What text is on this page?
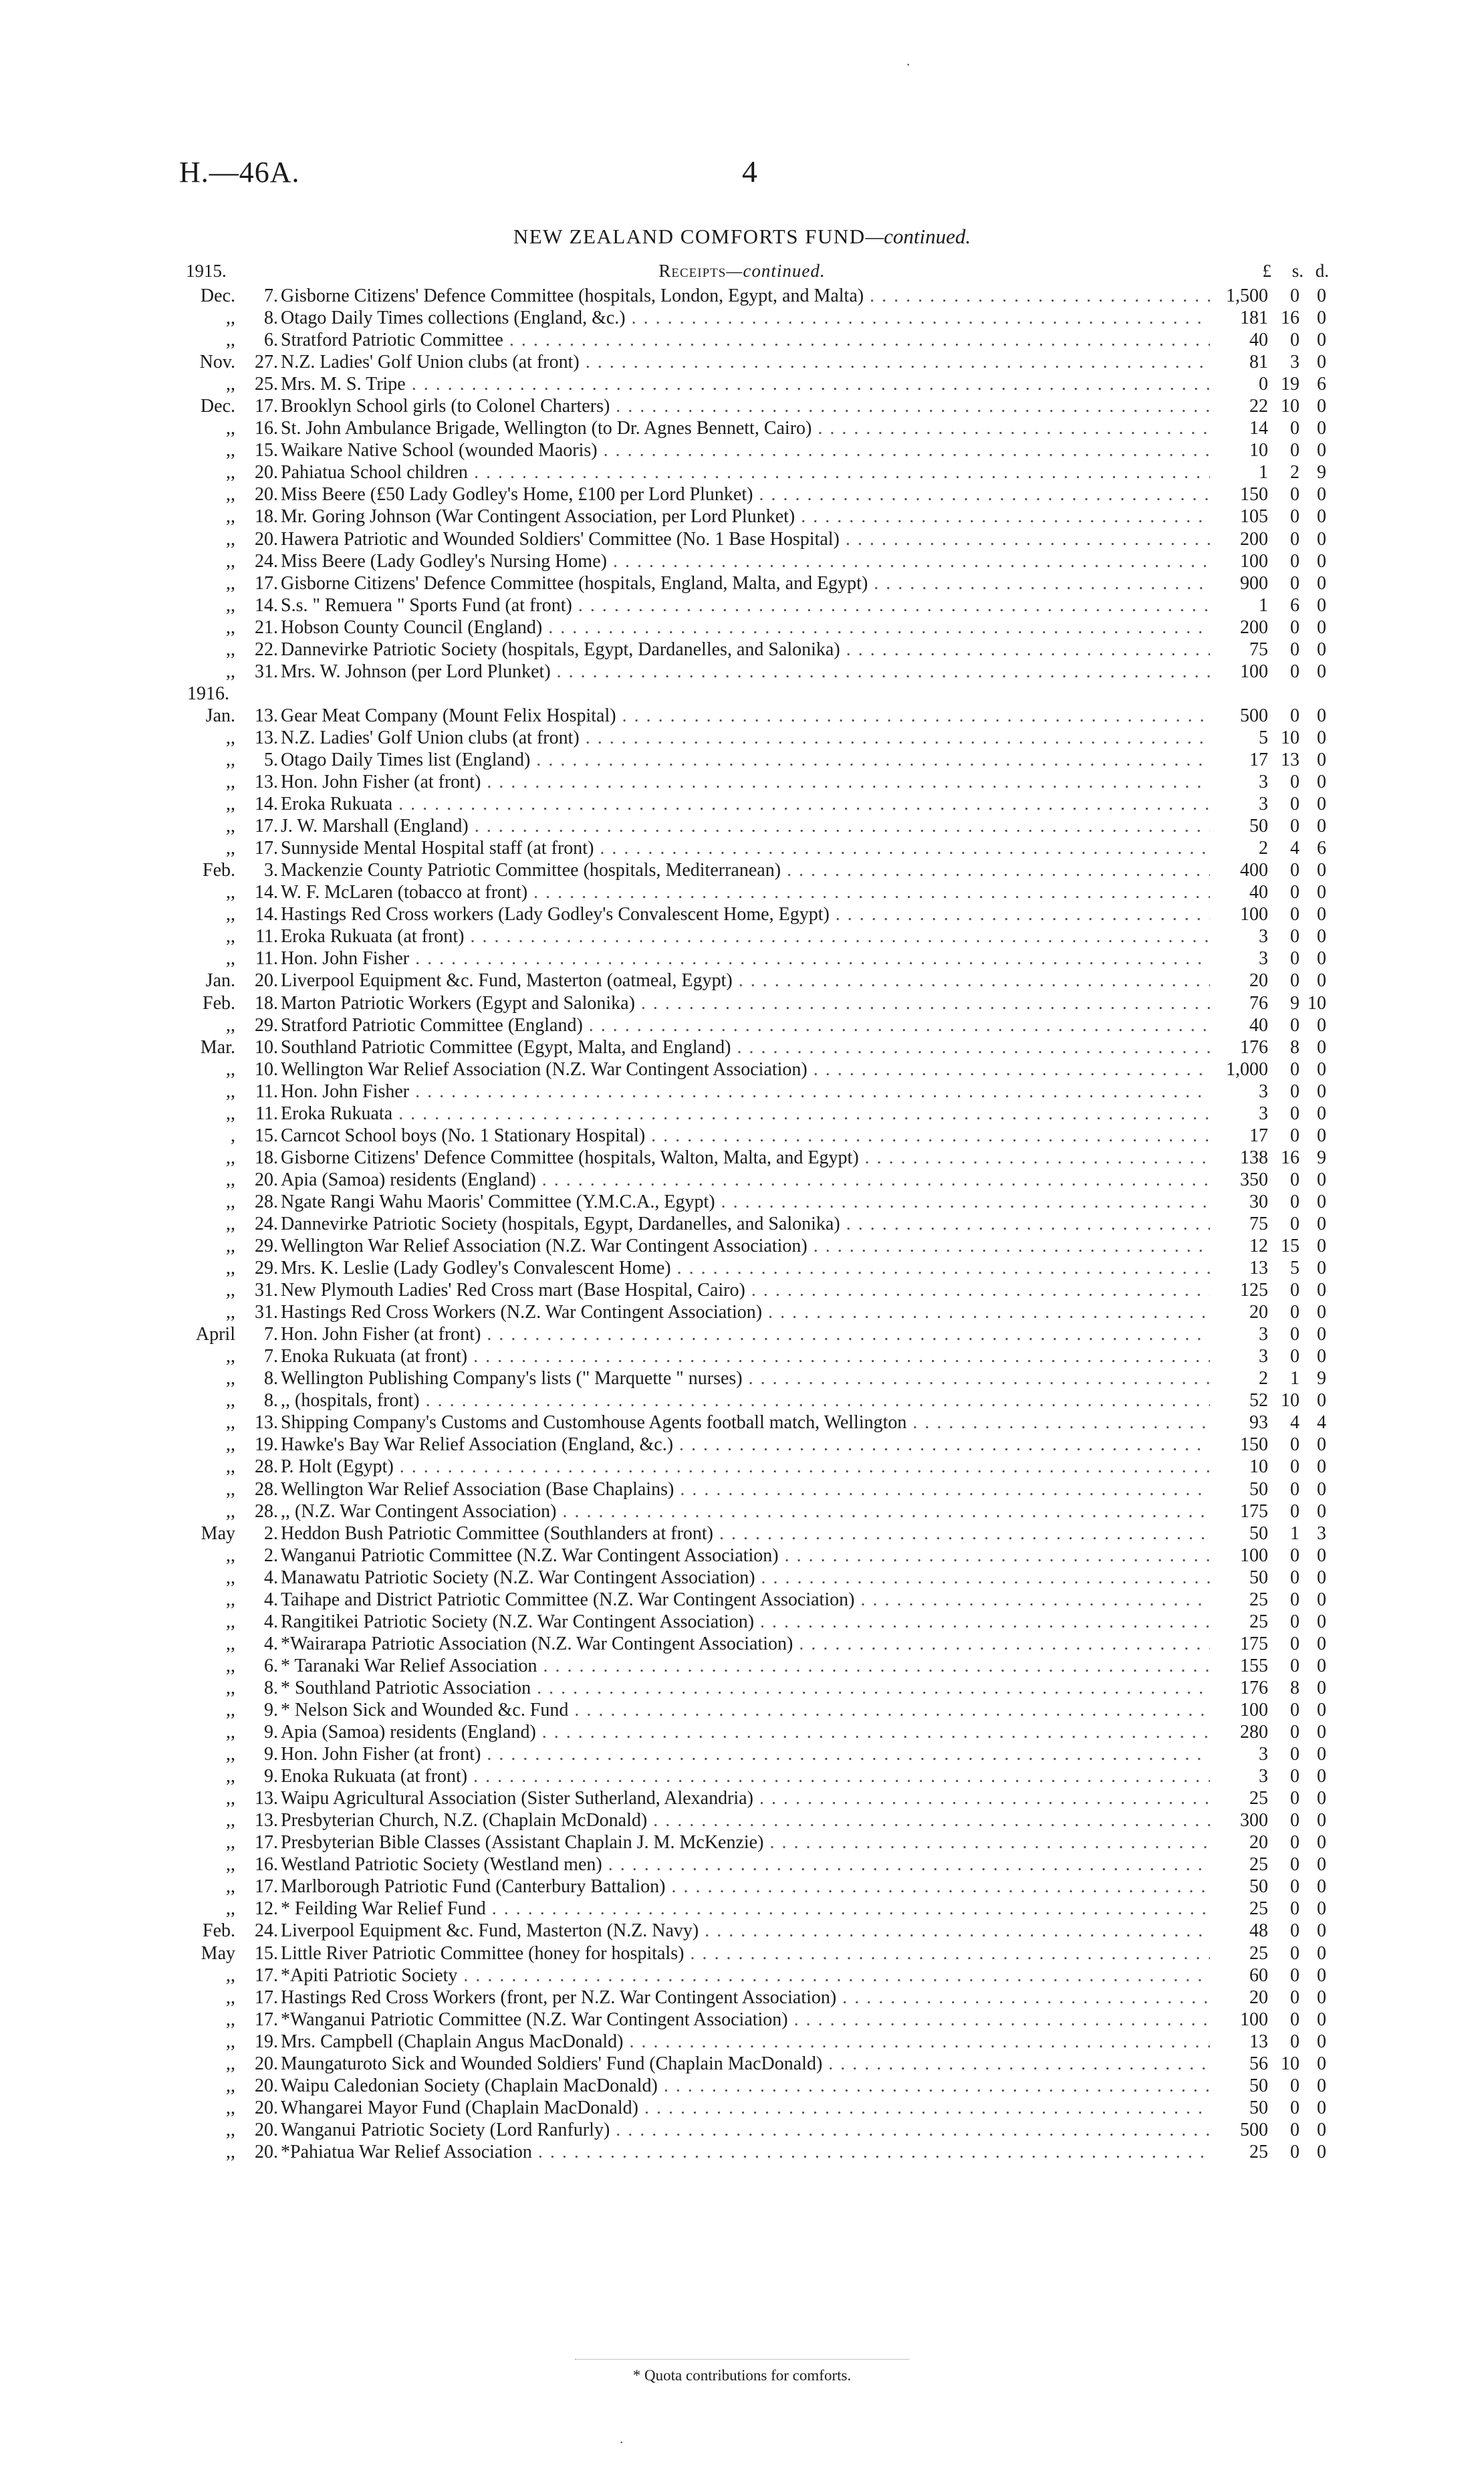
H.—46A.	4
NEW ZEALAND COMFORTS FUND—continued.
1915.	Receipts—continued.	£	s. d.
Dec.	7. Gisborne Citizens' Defence Committee (hospitals, London, Egypt, and Malta) . .	1,500	0 0
,,	8. Otago Daily Times collections (England, &c.) . .	181 16 0
,,	6. Stratford Patriotic Committee . .	40	0 0
Nov.	27. N.Z. Ladies' Golf Union clubs (at front) . .	81	3 0
,,	25. Mrs. M. S. Tripe . .	0 19 6
Dec.	17. Brooklyn School girls (to Colonel Charters) . .	22 10 0
,,	16. St. John Ambulance Brigade, Wellington (to Dr. Agnes Bennett, Cairo) . .	14	0 0
,,	15. Waikare Native School (wounded Maoris) . .	10	0 0
,,	20. Pahiatua School children . .	1	2 9
,,	20. Miss Beere (£50 Lady Godley's Home, £100 per Lord Plunket) . .	150	0 0
,,	18. Mr. Goring Johnson (War Contingent Association, per Lord Plunket) . .	105	0 0
,,	20. Hawera Patriotic and Wounded Soldiers' Committee (No. 1 Base Hospital) . .	200	0 0
,,	24. Miss Beere (Lady Godley's Nursing Home) . .	100	0 0
,,	17. Gisborne Citizens' Defence Committee (hospitals, England, Malta, and Egypt) . .	900	0 0
,,	14. S.s. " Remuera " Sports Fund (at front) . .	1	6 0
,,	21. Hobson County Council (England) . .	200	0 0
,,	22. Dannevirke Patriotic Society (hospitals, Egypt, Dardanelles, and Salonika) . .	75	0 0
,,	31. Mrs. W. Johnson (per Lord Plunket) . .	100	0 0
1916.
Jan.	13. Gear Meat Company (Mount Felix Hospital) . .	500	0 0
,,	13. N.Z. Ladies' Golf Union clubs (at front) . .	5 10 0
,,	5. Otago Daily Times list (England) . .	17 13 0
,,	13. Hon. John Fisher (at front) . .	3	0 0
,,	14. Eroka Rukuata . .	3	0 0
,,	17. J. W. Marshall (England) . .	50	0 0
,,	17. Sunnyside Mental Hospital staff (at front) . .	2	4 6
Feb.	3. Mackenzie County Patriotic Committee (hospitals, Mediterranean) . .	400	0 0
,,	14. W. F. McLaren (tobacco at front) . .	40	0 0
,,	14. Hastings Red Cross workers (Lady Godley's Convalescent Home, Egypt) . .	100	0 0
,,	11. Eroka Rukuata (at front) . .	3	0 0
,,	11. Hon. John Fisher . .	3	0 0
Jan.	20. Liverpool Equipment &c. Fund, Masterton (oatmeal, Egypt) . .	20	0 0
Feb.	18. Marton Patriotic Workers (Egypt and Salonika) . .	76	9 10
,,	29. Stratford Patriotic Committee (England) . .	40	0 0
Mar.	10. Southland Patriotic Committee (Egypt, Malta, and England) . .	176	8 0
,,	10. Wellington War Relief Association (N.Z. War Contingent Association) . .	1,000	0 0
,,	11. Hon. John Fisher . .	3	0 0
,,	11. Eroka Rukuata . .	3	0 0
,	15. Carncot School boys (No. 1 Stationary Hospital) . .	17	0 0
,,	18. Gisborne Citizens' Defence Committee (hospitals, Walton, Malta, and Egypt) . .	138 16 9
,,	20. Apia (Samoa) residents (England) . .	350	0 0
,,	28. Ngate Rangi Wahu Maoris' Committee (Y.M.C.A., Egypt) . .	30	0 0
,,	24. Dannevirke Patriotic Society (hospitals, Egypt, Dardanelles, and Salonika) . .	75	0 0
,,	29. Wellington War Relief Association (N.Z. War Contingent Association) . .	12 15 0
,,	29. Mrs. K. Leslie (Lady Godley's Convalescent Home) . .	13	5 0
,,	31. New Plymouth Ladies' Red Cross mart (Base Hospital, Cairo) . .	125	0 0
,,	31. Hastings Red Cross Workers (N.Z. War Contingent Association) . .	20	0 0
April	7. Hon. John Fisher (at front) . .	3	0 0
,,	7. Enoka Rukuata (at front) . .	3	0 0
,,	8. Wellington Publishing Company's lists (" Marquette " nurses) . .	2	1 9
,,	8. ,, (hospitals, front) . .	52 10 0
,,	13. Shipping Company's Customs and Customhouse Agents football match, Wellington . .	93	4 4
,,	19. Hawke's Bay War Relief Association (England, &c.) . .	150	0 0
,,	28. P. Holt (Egypt) . .	10	0 0
,,	28. Wellington War Relief Association (Base Chaplains) . .	50	0 0
,,	28. ,, (N.Z. War Contingent Association) . .	175	0 0
May	2. Heddon Bush Patriotic Committee (Southlanders at front) . .	50	1 3
,,	2. Wanganui Patriotic Committee (N.Z. War Contingent Association) . .	100	0 0
,,	4. Manawatu Patriotic Society (N.Z. War Contingent Association) . .	50	0 0
,,	4. Taihape and District Patriotic Committee (N.Z. War Contingent Association) . .	25	0 0
,,	4. Rangitikei Patriotic Society (N.Z. War Contingent Association) . .	25	0 0
,,	4. *Wairarapa Patriotic Association (N.Z. War Contingent Association) . .	175	0 0
,,	6. * Taranaki War Relief Association . .	155	0 0
,,	8. * Southland Patriotic Association . .	176	8 0
,,	9. * Nelson Sick and Wounded &c. Fund . .	100	0 0
,,	9. Apia (Samoa) residents (England) . .	280	0 0
,,	9. Hon. John Fisher (at front) . .	3	0 0
,,	9. Enoka Rukuata (at front) . .	3	0 0
,,	13. Waipu Agricultural Association (Sister Sutherland, Alexandria) . .	25	0 0
,,	13. Presbyterian Church, N.Z. (Chaplain McDonald) . .	300	0 0
,,	17. Presbyterian Bible Classes (Assistant Chaplain J. M. McKenzie) . .	20	0 0
,,	16. Westland Patriotic Society (Westland men) . .	25	0 0
,,	17. Marlborough Patriotic Fund (Canterbury Battalion) . .	50	0 0
,,	12. * Feilding War Relief Fund . .	25	0 0
Feb.	24. Liverpool Equipment &c. Fund, Masterton (N.Z. Navy) . .	48	0 0
May	15. Little River Patriotic Committee (honey for hospitals) . .	25	0 0
,,	17. *Apiti Patriotic Society . .	60	0 0
,,	17. Hastings Red Cross Workers (front, per N.Z. War Contingent Association) . .	20	0 0
,,	17. *Wanganui Patriotic Committee (N.Z. War Contingent Association) . .	100	0 0
,,	19. Mrs. Campbell (Chaplain Angus MacDonald) . .	13	0 0
,,	20. Maungaturoto Sick and Wounded Soldiers' Fund (Chaplain MacDonald) . .	56 10 0
,,	20. Waipu Caledonian Society (Chaplain MacDonald) . .	50	0 0
,,	20. Whangarei Mayor Fund (Chaplain MacDonald) . .	50	0 0
,,	20. Wanganui Patriotic Society (Lord Ranfurly) . .	500	0 0
,,	20. *Pahiatua War Relief Association . .	25	0 0
* Quota contributions for comforts.
·
·
